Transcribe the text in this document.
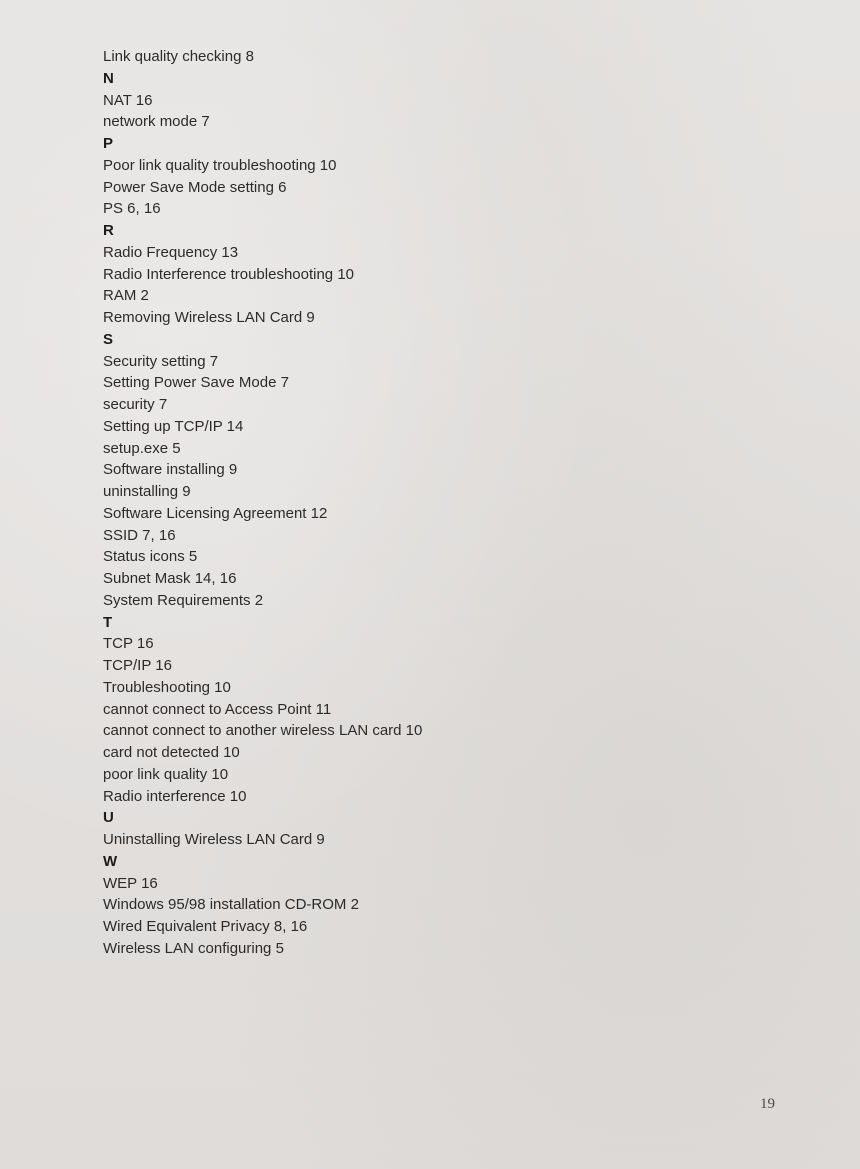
Link quality checking 8
N
NAT 16
network mode 7
P
Poor link quality troubleshooting 10
Power Save Mode setting 6
PS 6, 16
R
Radio Frequency 13
Radio Interference troubleshooting 10
RAM 2
Removing Wireless LAN Card 9
S
Security setting 7
Setting Power Save Mode 7
security 7
Setting up TCP/IP 14
setup.exe 5
Software installing 9
uninstalling 9
Software Licensing Agreement 12
SSID 7, 16
Status icons 5
Subnet Mask 14, 16
System Requirements 2
T
TCP 16
TCP/IP 16
Troubleshooting 10
cannot connect to Access Point 11
cannot connect to another wireless LAN card 10
card not detected 10
poor link quality 10
Radio interference 10
U
Uninstalling Wireless LAN Card 9
W
WEP 16
Windows 95/98 installation CD-ROM 2
Wired Equivalent Privacy 8, 16
Wireless LAN configuring 5
19
